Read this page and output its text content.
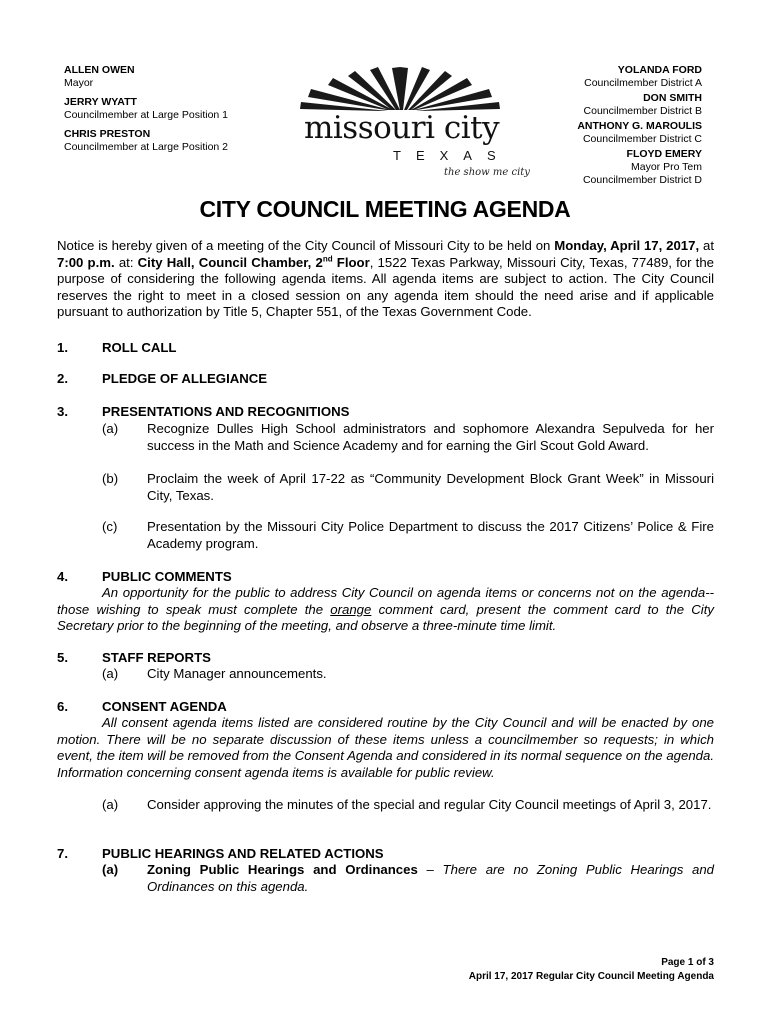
ALLEN OWEN
Mayor
JERRY WYATT
Councilmember at Large Position 1
CHRIS PRESTON
Councilmember at Large Position 2
missouri city
TEXAS
the show me city
YOLANDA FORD
Councilmember District A
DON SMITH
Councilmember District B
ANTHONY G. MAROULIS
Councilmember District C
FLOYD EMERY
Mayor Pro Tem
Councilmember District D
CITY COUNCIL MEETING AGENDA

Notice is hereby given of a meeting of the City Council of Missouri City to be held on Monday, April 17, 2017, at 7:00 p.m. at: City Hall, Council Chamber, 2nd Floor, 1522 Texas Parkway, Missouri City, Texas, 77489, for the purpose of considering the following agenda items. All agenda items are subject to action. The City Council reserves the right to meet in a closed session on any agenda item should the need arise and if applicable pursuant to authorization by Title 5, Chapter 551, of the Texas Government Code.

1.	ROLL CALL
2.	PLEDGE OF ALLEGIANCE
3.	PRESENTATIONS AND RECOGNITIONS
(a) Recognize Dulles High School administrators and sophomore Alexandra Sepulveda for her success in the Math and Science Academy and for earning the Girl Scout Gold Award.
(b) Proclaim the week of April 17-22 as “Community Development Block Grant Week” in Missouri City, Texas.
(c) Presentation by the Missouri City Police Department to discuss the 2017 Citizens’ Police & Fire Academy program.
4.	PUBLIC COMMENTS
An opportunity for the public to address City Council on agenda items or concerns not on the agenda--those wishing to speak must complete the orange comment card, present the comment card to the City Secretary prior to the beginning of the meeting, and observe a three-minute time limit.
5.	STAFF REPORTS
(a) City Manager announcements.
6.	CONSENT AGENDA
All consent agenda items listed are considered routine by the City Council and will be enacted by one motion. There will be no separate discussion of these items unless a councilmember so requests; in which event, the item will be removed from the Consent Agenda and considered in its normal sequence on the agenda. Information concerning consent agenda items is available for public review.
(a) Consider approving the minutes of the special and regular City Council meetings of April 3, 2017.
7.	PUBLIC HEARINGS AND RELATED ACTIONS
(a) Zoning Public Hearings and Ordinances – There are no Zoning Public Hearings and Ordinances on this agenda.
Page 1 of 3
April 17, 2017 Regular City Council Meeting Agenda
